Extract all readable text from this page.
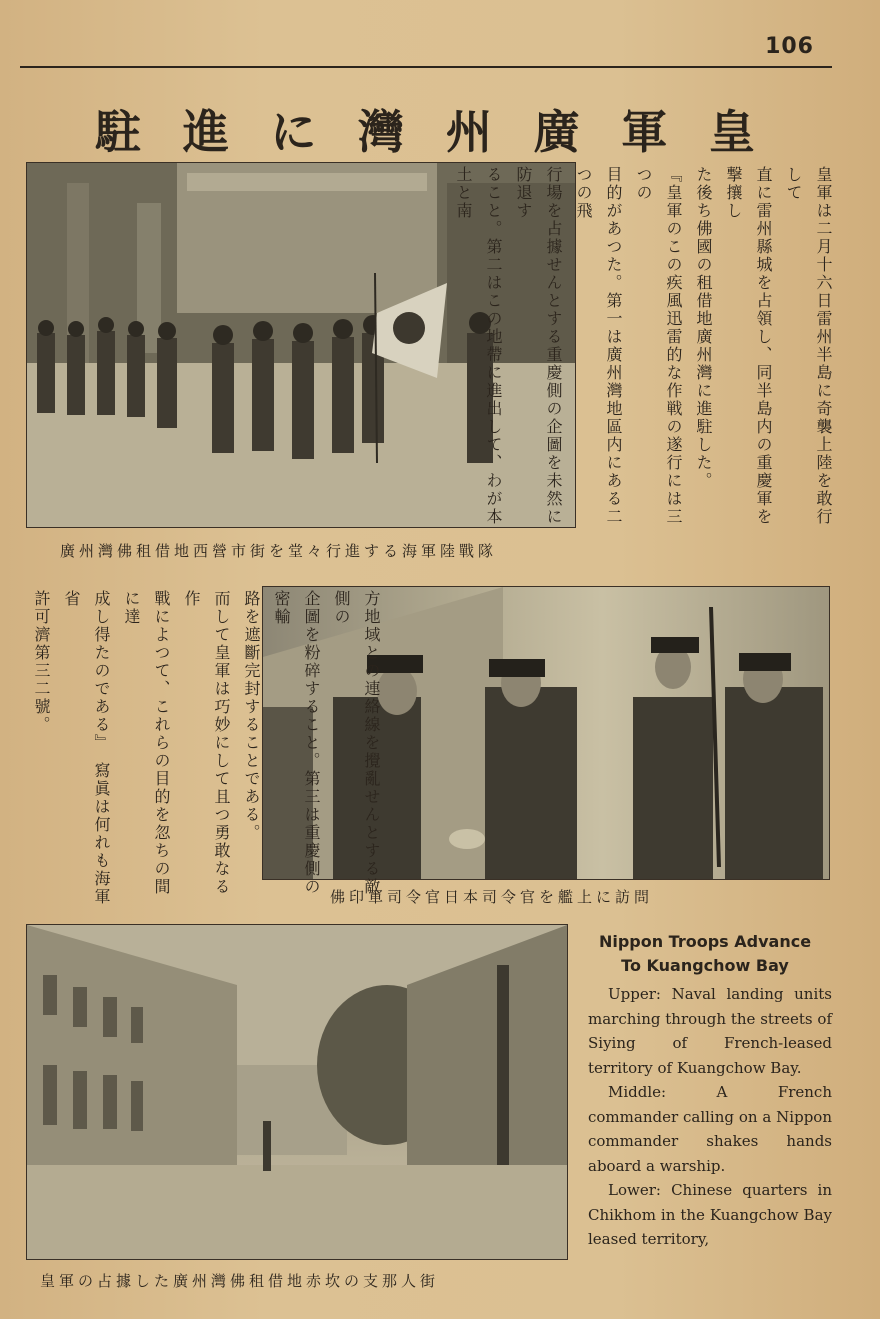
106
駐 進 に 灣 州 廣 軍 皇
皇軍は二月十六日雷州半島に奇襲上陸を敢行して
直に雷州縣城を占領し、同半島内の重慶軍を撃攘し
た後ち佛國の租借地廣州灣に進駐した。
『皇軍のこの疾風迅雷的な作戦の遂行には三つの
目的があつた。第一は廣州灣地區内にある二つの飛
行場を占據せんとする重慶側の企圖を未然に防退す
ること。第二はこの地帶に進出して、わが本土と南
廣州灣佛租借地西營市街を堂々行進する海軍陸戰隊
方地域との連絡線を攪亂せんとする敵側の
企圖を粉碎すること。第三は重慶側の密輸
路を遮斷完封することである。
而して皇軍は巧妙にして且つ勇敢なる作
戰によつて、これらの目的を忽ちの間に達
成し得たのである』　寫眞は何れも海軍省
許可濟第三二號。
佛印軍司令官日本司令官を艦上に訪問
皇軍の占據した廣州灣佛租借地赤坎の支那人街
Nippon Troops Advance
To Kuangchow Bay

Upper: Naval landing units marching through the streets of Siying of French-leased territory of Kuangchow Bay.

Middle: A French commander calling on a Nippon commander shakes hands aboard a warship.

Lower: Chinese quarters in Chikhom in the Kuangchow Bay leased territory,
